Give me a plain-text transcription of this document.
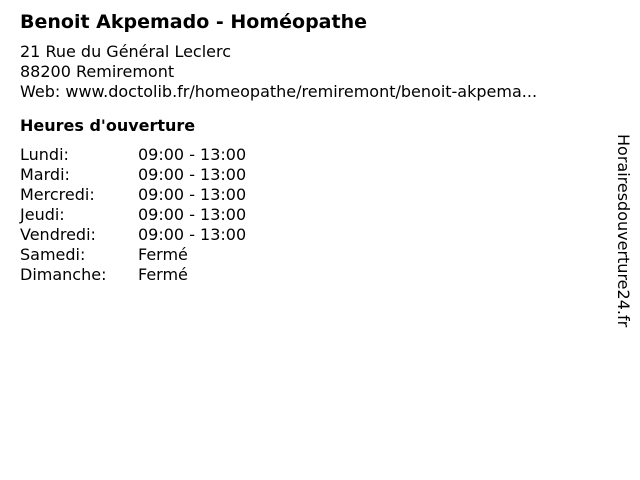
Benoit Akpemado - Homéopathe
21 Rue du Général Leclerc
88200 Remiremont
Web: www.doctolib.fr/homeopathe/remiremont/benoit-akpema...
Heures d'ouverture
Lundi:	09:00 - 13:00
Mardi:	09:00 - 13:00
Mercredi:	09:00 - 13:00
Jeudi:	09:00 - 13:00
Vendredi:	09:00 - 13:00
Samedi:	Fermé
Dimanche:	Fermé	Horairesdouverture24.fr
